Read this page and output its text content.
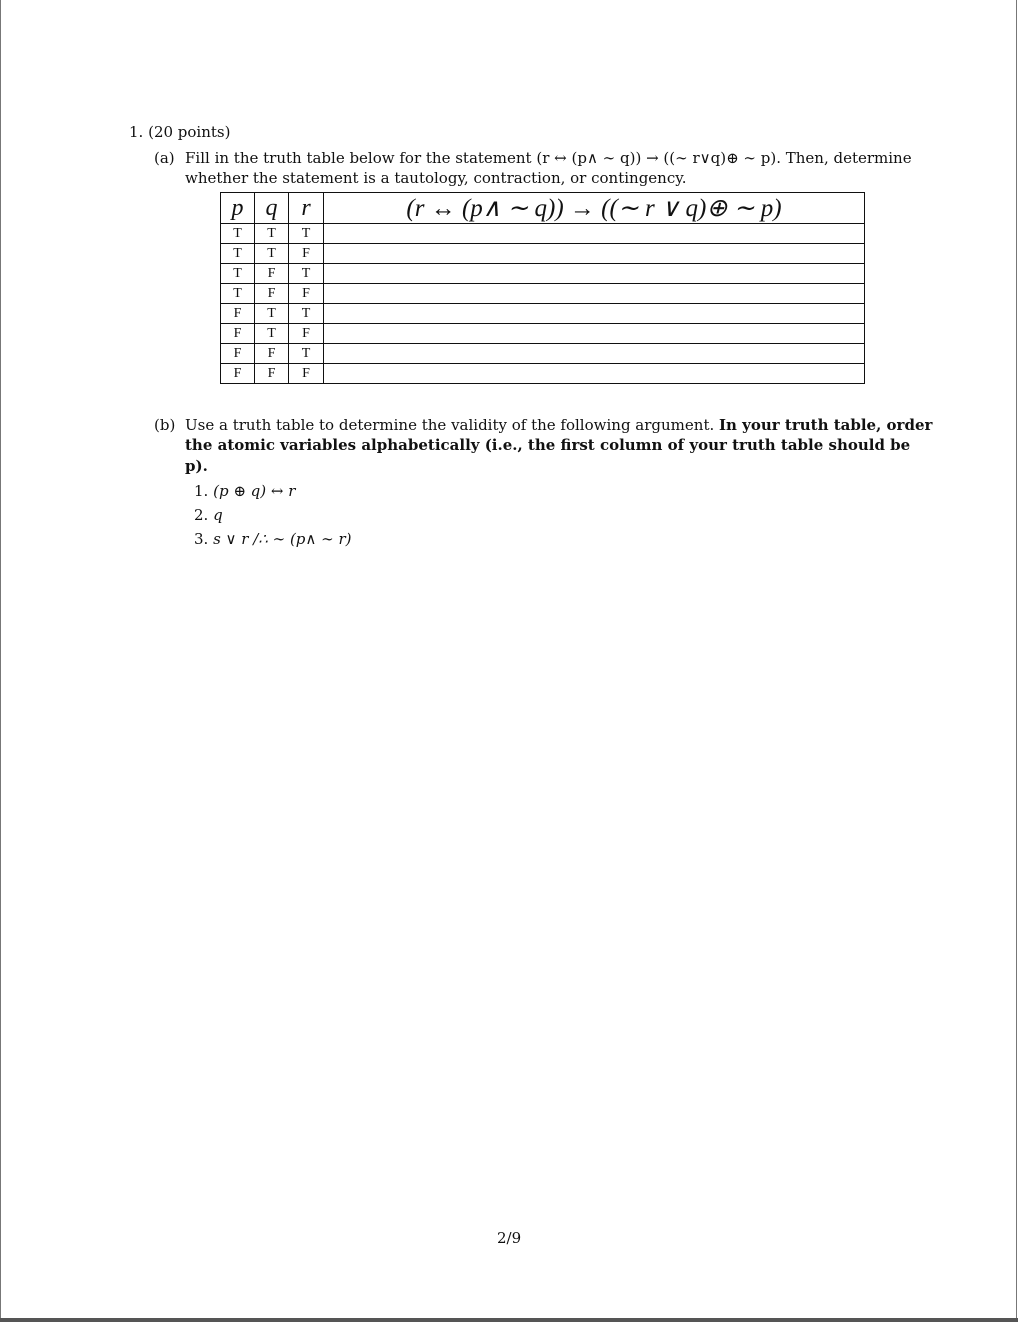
1. (20 points)
(a) Fill in the truth table below for the statement (r ↔ (p∧ ∼ q)) → ((∼ r∨q)⊕ ∼ p). Then, determine
whether the statement is a tautology, contraction, or contingency.
p	q	r	(r ↔ (p∧ ∼ q)) → ((∼ r ∨ q)⊕ ∼ p)
T	T	T	
T	T	F	
T	F	T	
T	F	F	
F	T	T	
F	T	F	
F	F	T	
F	F	F	
(b) Use a truth table to determine the validity of the following argument. In your truth table, order
the atomic variables alphabetically (i.e., the first column of your truth table should be
p).
1. (p ⊕ q) ↔ r
2. q
3. s ∨ r /∴ ∼ (p∧ ∼ r)
2/9
